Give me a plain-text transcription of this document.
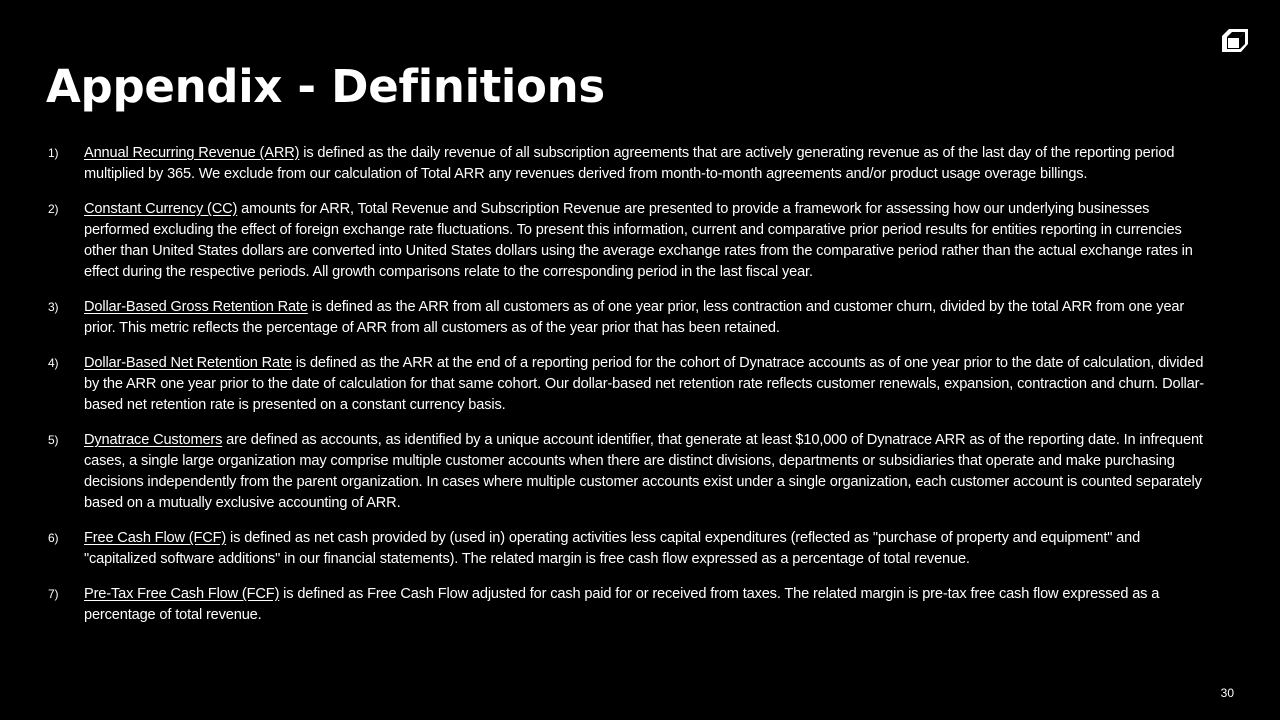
Appendix - Definitions
1) Annual Recurring Revenue (ARR) is defined as the daily revenue of all subscription agreements that are actively generating revenue as of the last day of the reporting period multiplied by 365. We exclude from our calculation of Total ARR any revenues derived from month-to-month agreements and/or product usage overage billings.
2) Constant Currency (CC) amounts for ARR, Total Revenue and Subscription Revenue are presented to provide a framework for assessing how our underlying businesses performed excluding the effect of foreign exchange rate fluctuations. To present this information, current and comparative prior period results for entities reporting in currencies other than United States dollars are converted into United States dollars using the average exchange rates from the comparative period rather than the actual exchange rates in effect during the respective periods. All growth comparisons relate to the corresponding period in the last fiscal year.
3) Dollar-Based Gross Retention Rate is defined as the ARR from all customers as of one year prior, less contraction and customer churn, divided by the total ARR from one year prior. This metric reflects the percentage of ARR from all customers as of the year prior that has been retained.
4) Dollar-Based Net Retention Rate is defined as the ARR at the end of a reporting period for the cohort of Dynatrace accounts as of one year prior to the date of calculation, divided by the ARR one year prior to the date of calculation for that same cohort. Our dollar-based net retention rate reflects customer renewals, expansion, contraction and churn. Dollar-based net retention rate is presented on a constant currency basis.
5) Dynatrace Customers are defined as accounts, as identified by a unique account identifier, that generate at least $10,000 of Dynatrace ARR as of the reporting date. In infrequent cases, a single large organization may comprise multiple customer accounts when there are distinct divisions, departments or subsidiaries that operate and make purchasing decisions independently from the parent organization. In cases where multiple customer accounts exist under a single organization, each customer account is counted separately based on a mutually exclusive accounting of ARR.
6) Free Cash Flow (FCF) is defined as net cash provided by (used in) operating activities less capital expenditures (reflected as "purchase of property and equipment" and "capitalized software additions" in our financial statements). The related margin is free cash flow expressed as a percentage of total revenue.
7) Pre-Tax Free Cash Flow (FCF) is defined as Free Cash Flow adjusted for cash paid for or received from taxes. The related margin is pre-tax free cash flow expressed as a percentage of total revenue.
30
